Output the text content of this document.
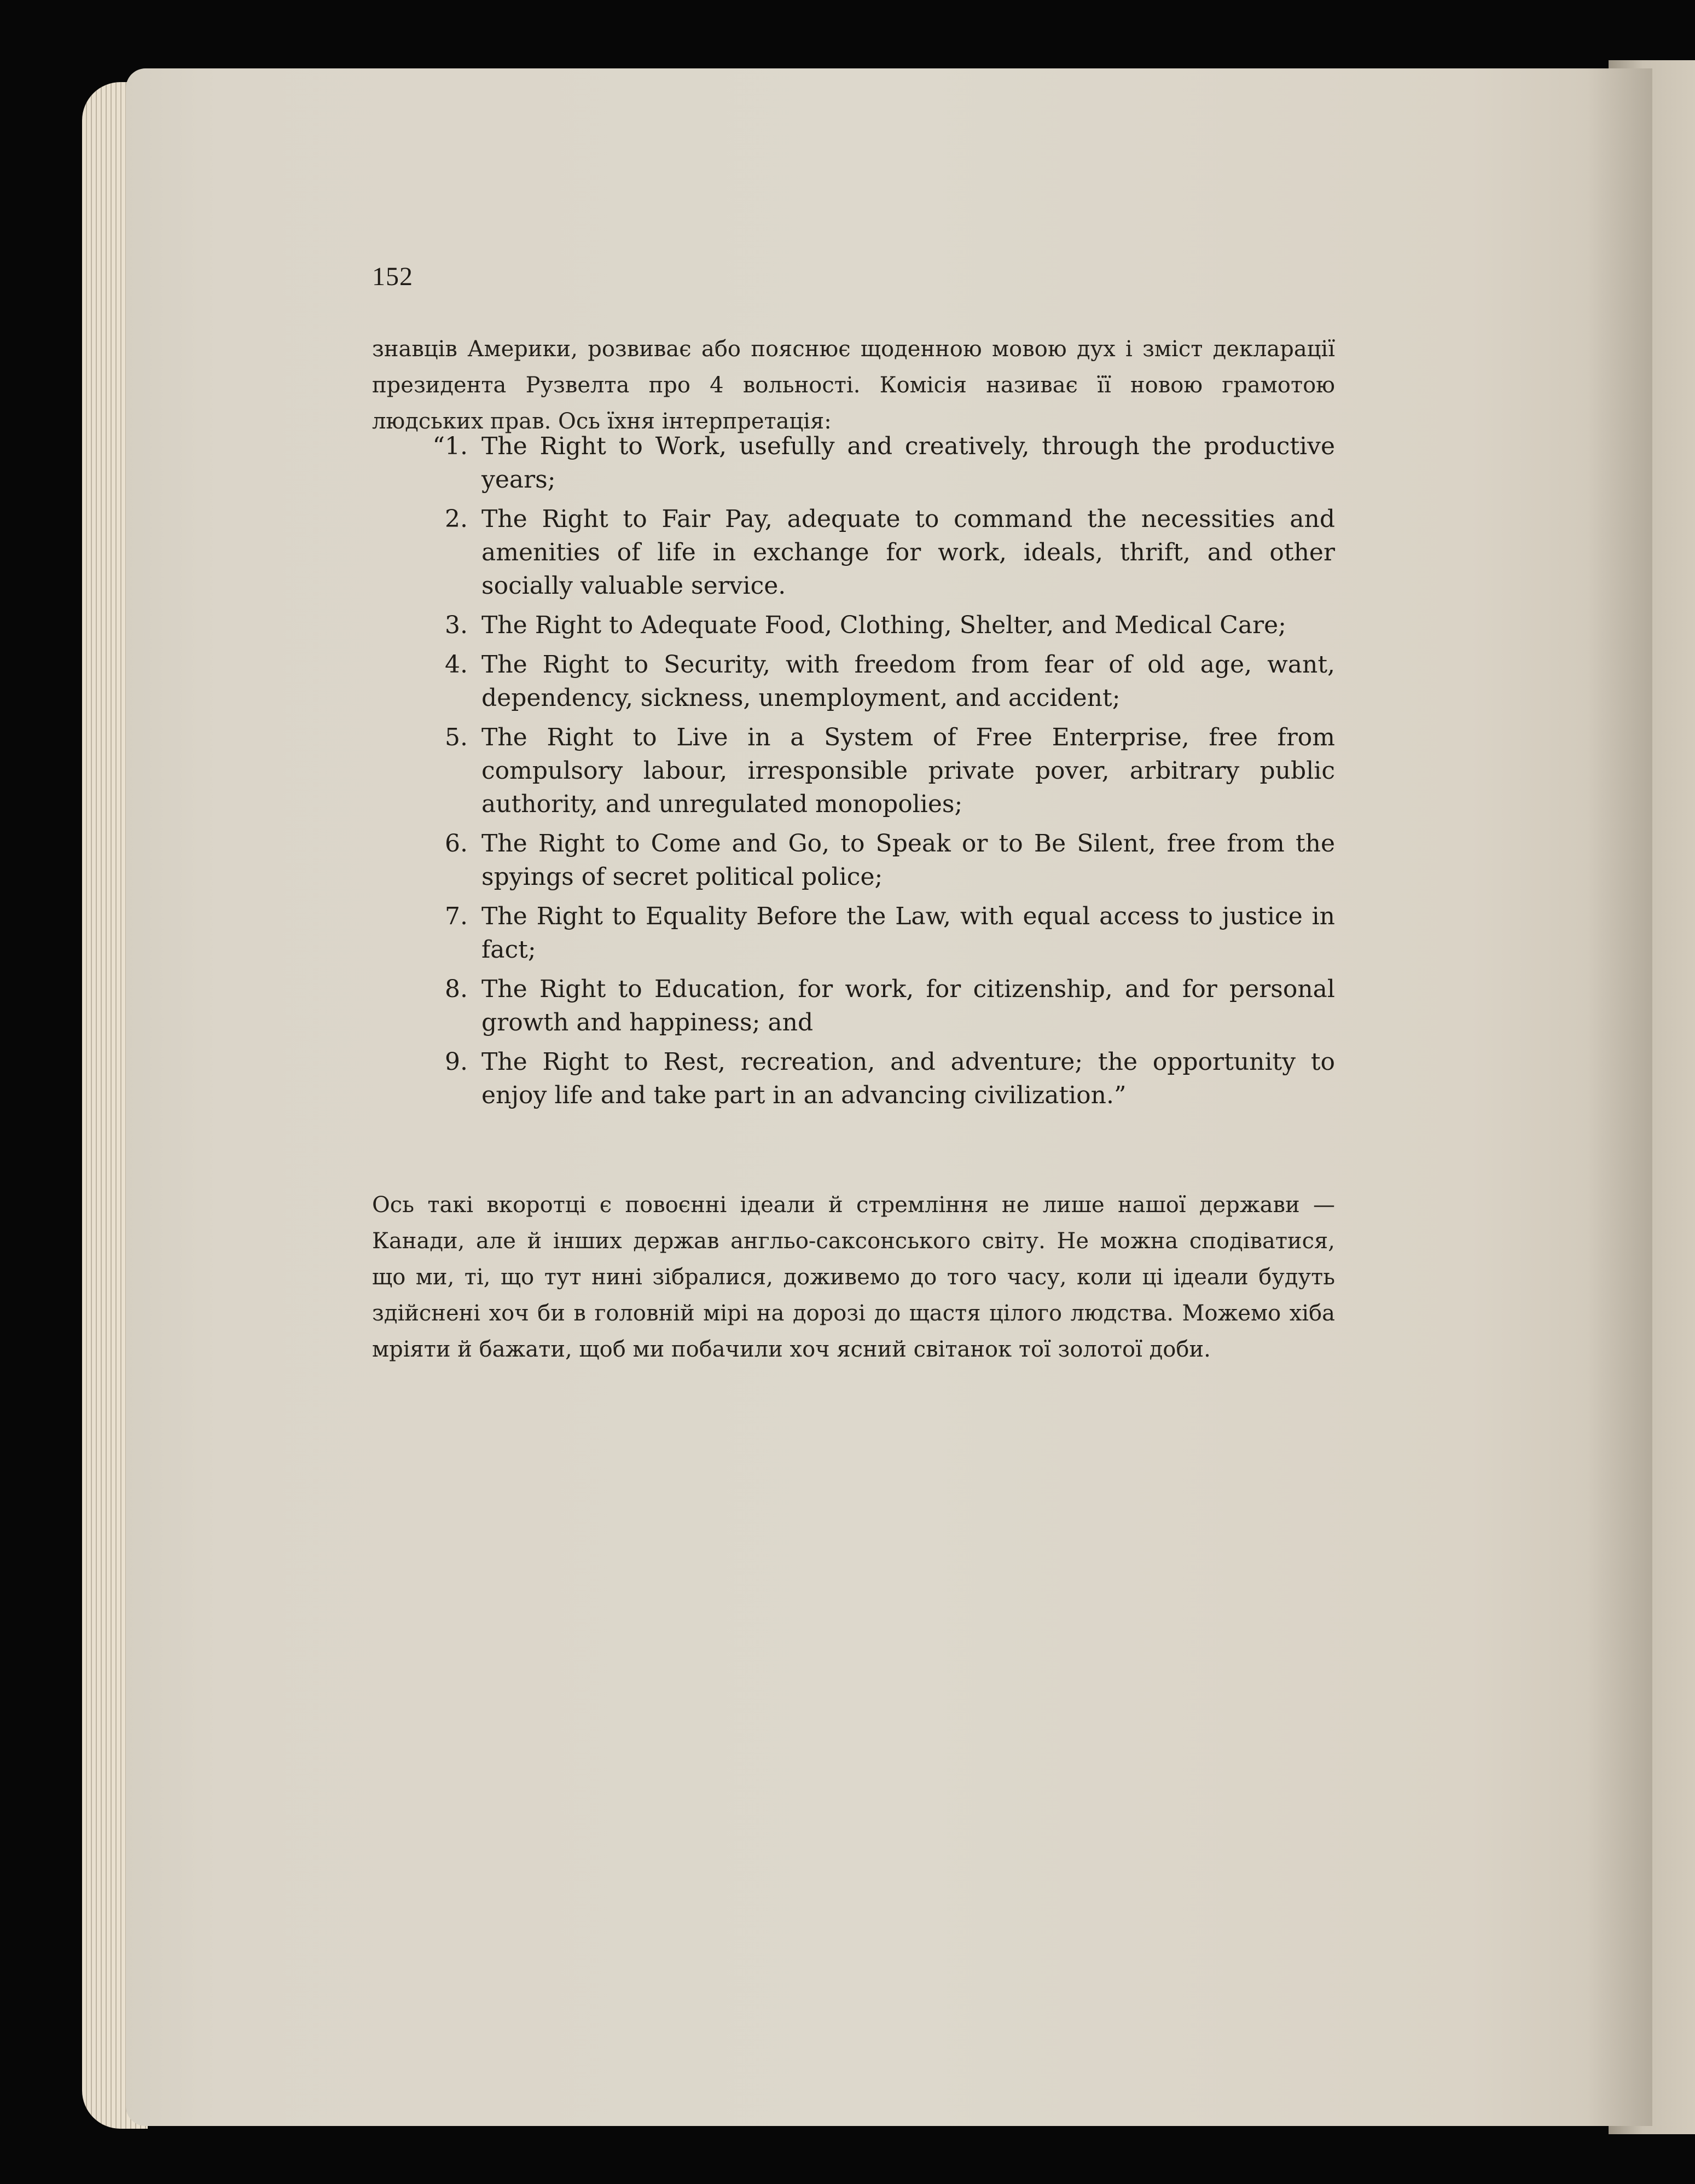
152

знавців Америки, розвиває або пояснює щоденною мовою дух і зміст декларації президента Рузвелта про 4 вольності. Комісія називає її новою грамотою людських прав. Ось їхня інтерпретація:

“1. The Right to Work, usefully and creatively, through the productive years;
2. The Right to Fair Pay, adequate to command the necessities and amenities of life in exchange for work, ideals, thrift, and other socially valuable service.
3. The Right to Adequate Food, Clothing, Shelter, and Medical Care;
4. The Right to Security, with freedom from fear of old age, want, dependency, sickness, unemployment, and accident;
5. The Right to Live in a System of Free Enterprise, free from compulsory labour, irresponsible private pover, arbitrary public authority, and unregulated monopolies;
6. The Right to Come and Go, to Speak or to Be Silent, free from the spyings of secret political police;
7. The Right to Equality Before the Law, with equal access to justice in fact;
8. The Right to Education, for work, for citizenship, and for personal growth and happiness; and
9. The Right to Rest, recreation, and adventure; the opportunity to enjoy life and take part in an advancing civilization.”

Ось такі вкоротці є повоєнні ідеали й стремління не лише нашої держави — Канади, але й інших держав англьо-саксонського світу. Не можна сподіватися, що ми, ті, що тут нині зібралися, доживемо до того часу, коли ці ідеали будуть здійснені хоч би в головній мірі на дорозі до щастя цілого людства. Можемо хіба мріяти й бажати, щоб ми побачили хоч ясний світанок тої золотої доби.
